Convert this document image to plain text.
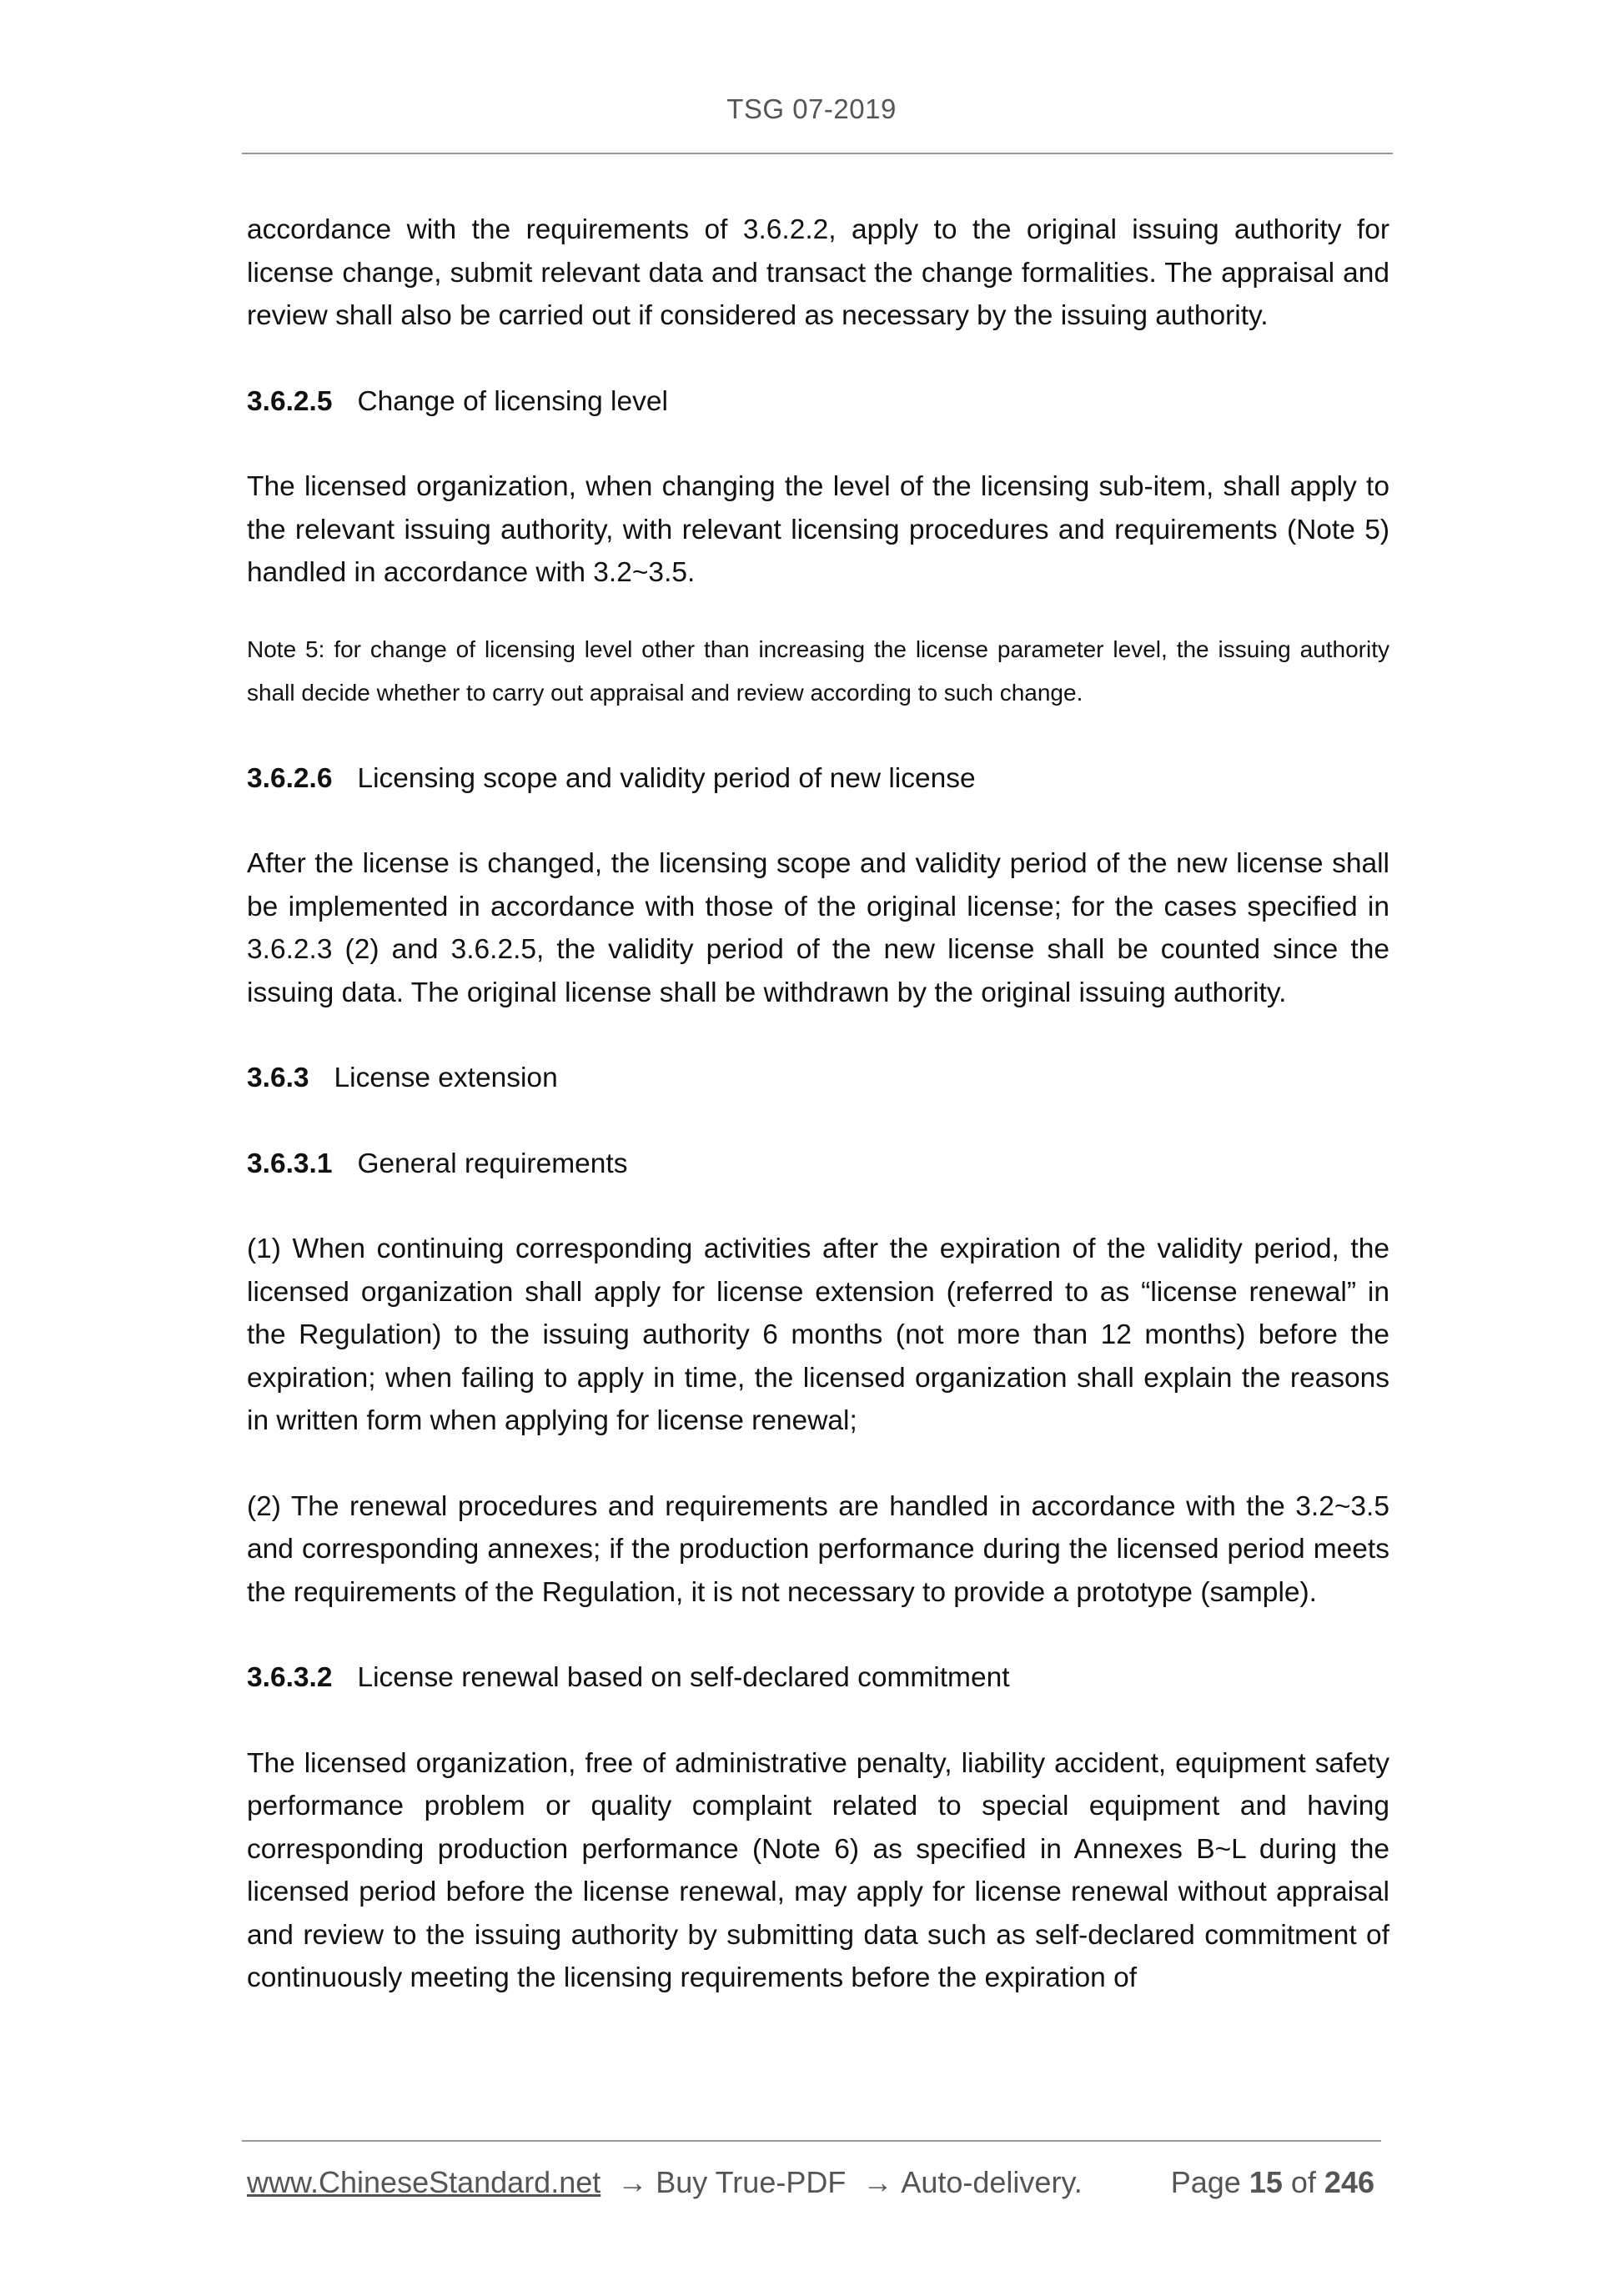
TSG 07-2019

accordance with the requirements of 3.6.2.2, apply to the original issuing authority for license change, submit relevant data and transact the change formalities. The appraisal and review shall also be carried out if considered as necessary by the issuing authority.

3.6.2.5 Change of licensing level

The licensed organization, when changing the level of the licensing sub-item, shall apply to the relevant issuing authority, with relevant licensing procedures and requirements (Note 5) handled in accordance with 3.2~3.5.

Note 5: for change of licensing level other than increasing the license parameter level, the issuing authority shall decide whether to carry out appraisal and review according to such change.

3.6.2.6 Licensing scope and validity period of new license

After the license is changed, the licensing scope and validity period of the new license shall be implemented in accordance with those of the original license; for the cases specified in 3.6.2.3 (2) and 3.6.2.5, the validity period of the new license shall be counted since the issuing data. The original license shall be withdrawn by the original issuing authority.

3.6.3 License extension

3.6.3.1 General requirements

(1) When continuing corresponding activities after the expiration of the validity period, the licensed organization shall apply for license extension (referred to as “license renewal” in the Regulation) to the issuing authority 6 months (not more than 12 months) before the expiration; when failing to apply in time, the licensed organization shall explain the reasons in written form when applying for license renewal;

(2) The renewal procedures and requirements are handled in accordance with the 3.2~3.5 and corresponding annexes; if the production performance during the licensed period meets the requirements of the Regulation, it is not necessary to provide a prototype (sample).

3.6.3.2 License renewal based on self-declared commitment

The licensed organization, free of administrative penalty, liability accident, equipment safety performance problem or quality complaint related to special equipment and having corresponding production performance (Note 6) as specified in Annexes B~L during the licensed period before the license renewal, may apply for license renewal without appraisal and review to the issuing authority by submitting data such as self-declared commitment of continuously meeting the licensing requirements before the expiration of

www.ChineseStandard.net → Buy True-PDF → Auto-delivery.	Page 15 of 246
